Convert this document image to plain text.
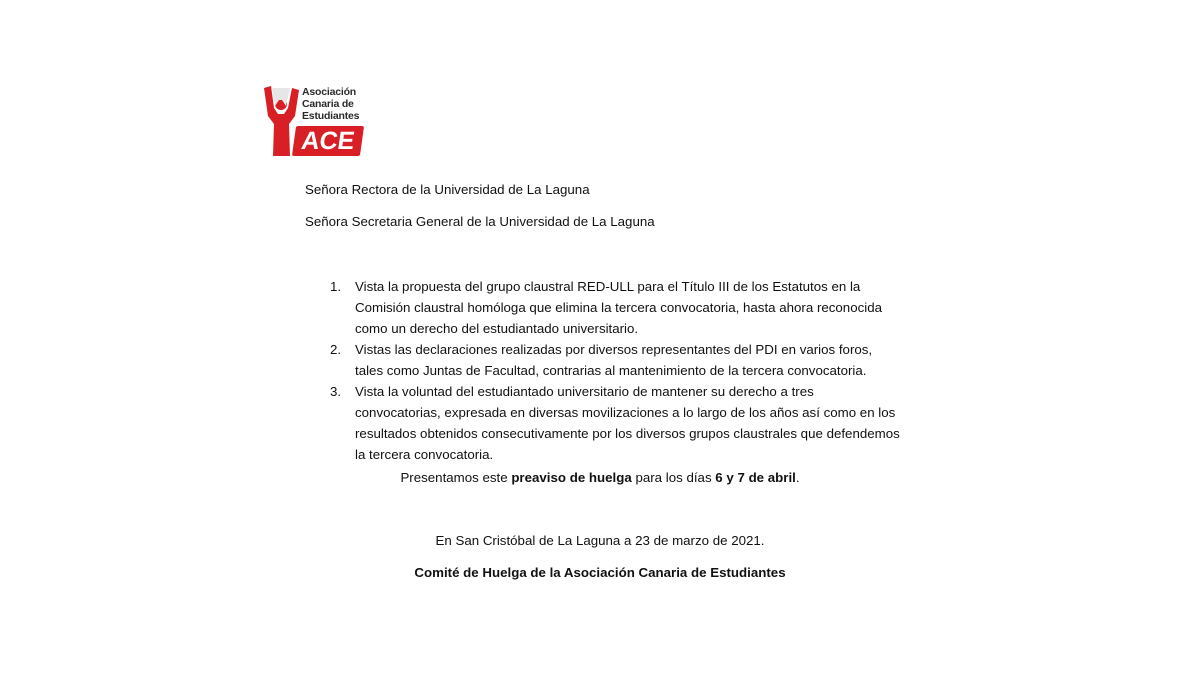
Asociación
Canaria de
Estudiantes
ACE
Señora Rectora de la Universidad de La Laguna
Señora Secretaria General de la Universidad de La Laguna
1. Vista la propuesta del grupo claustral RED-ULL para el Título III de los Estatutos en la Comisión claustral homóloga que elimina la tercera convocatoria, hasta ahora reconocida como un derecho del estudiantado universitario.
2. Vistas las declaraciones realizadas por diversos representantes del PDI en varios foros, tales como Juntas de Facultad, contrarias al mantenimiento de la tercera convocatoria.
3. Vista la voluntad del estudiantado universitario de mantener su derecho a tres convocatorias, expresada en diversas movilizaciones a lo largo de los años así como en los resultados obtenidos consecutivamente por los diversos grupos claustrales que defendemos la tercera convocatoria.
Presentamos este preaviso de huelga para los días 6 y 7 de abril.
En San Cristóbal de La Laguna a 23 de marzo de 2021.
Comité de Huelga de la Asociación Canaria de Estudiantes
